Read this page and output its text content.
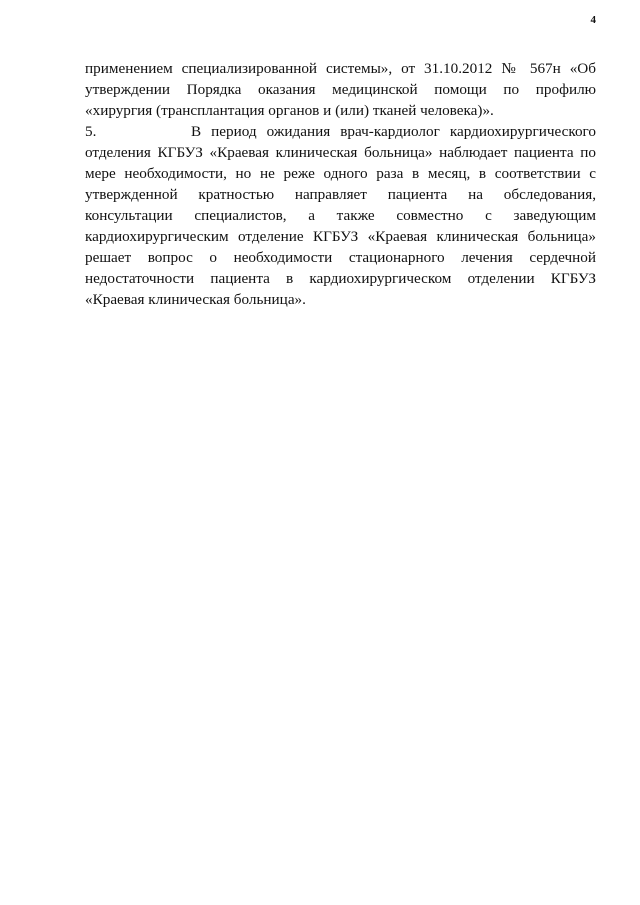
4
применением специализированной системы», от 31.10.2012 № 567н «Об
утверждении Порядка оказания медицинской помощи по профилю
«хирургия (трансплантация органов и (или) тканей человека)».
5.	В период ожидания врач-кардиолог кардиохирургического
отделения КГБУЗ «Краевая клиническая больница» наблюдает пациента по
мере необходимости, но не реже одного раза в месяц, в соответствии с
утвержденной кратностью направляет пациента на обследования,
консультации специалистов, а также совместно с заведующим
кардиохирургическим отделение КГБУЗ «Краевая клиническая больница»
решает вопрос о необходимости стационарного лечения сердечной
недостаточности пациента в кардиохирургическом отделении КГБУЗ
«Краевая клиническая больница».
